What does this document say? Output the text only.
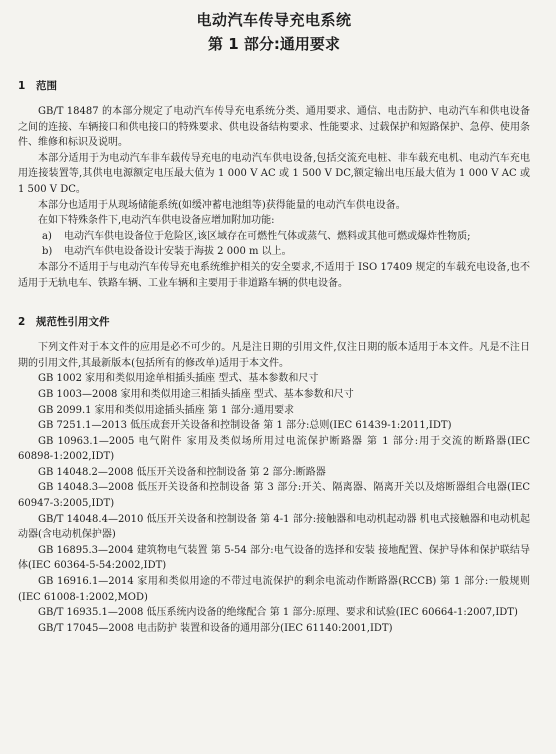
电动汽车传导充电系统
第 1 部分:通用要求
1 范围

GB/T 18487 的本部分规定了电动汽车传导充电系统分类、通用要求、通信、电击防护、电动汽车和供电设备之间的连接、车辆接口和供电接口的特殊要求、供电设备结构要求、性能要求、过载保护和短路保护、急停、使用条件、维修和标识及说明。

本部分适用于为电动汽车非车载传导充电的电动汽车供电设备,包括交流充电桩、非车载充电机、电动汽车充电用连接装置等,其供电电源额定电压最大值为 1 000 V AC 或 1 500 V DC,额定输出电压最大值为 1 000 V AC 或 1 500 V DC。

本部分也适用于从现场储能系统(如缓冲蓄电池组等)获得能量的电动汽车供电设备。

在如下特殊条件下,电动汽车供电设备应增加附加功能:

a) 电动汽车供电设备位于危险区,该区域存在可燃性气体或蒸气、燃料或其他可燃或爆炸性物质;

b) 电动汽车供电设备设计安装于海拔 2 000 m 以上。

本部分不适用于与电动汽车传导充电系统维护相关的安全要求,不适用于 ISO 17409 规定的车载充电设备,也不适用于无轨电车、铁路车辆、工业车辆和主要用于非道路车辆的供电设备。

2 规范性引用文件

下列文件对于本文件的应用是必不可少的。凡是注日期的引用文件,仅注日期的版本适用于本文件。凡是不注日期的引用文件,其最新版本(包括所有的修改单)适用于本文件。

GB 1002 家用和类似用途单相插头插座 型式、基本参数和尺寸

GB 1003—2008 家用和类似用途三相插头插座 型式、基本参数和尺寸

GB 2099.1 家用和类似用途插头插座 第 1 部分:通用要求

GB 7251.1—2013 低压成套开关设备和控制设备 第 1 部分:总则(IEC 61439-1:2011,IDT)

GB 10963.1—2005 电气附件 家用及类似场所用过电流保护断路器 第 1 部分:用于交流的断路器(IEC 60898-1:2002,IDT)

GB 14048.2—2008 低压开关设备和控制设备 第 2 部分:断路器

GB 14048.3—2008 低压开关设备和控制设备 第 3 部分:开关、隔离器、隔离开关以及熔断器组合电器(IEC 60947-3:2005,IDT)

GB/T 14048.4—2010 低压开关设备和控制设备 第 4-1 部分:接触器和电动机起动器 机电式接触器和电动机起动器(含电动机保护器)

GB 16895.3—2004 建筑物电气装置 第 5-54 部分:电气设备的选择和安装 接地配置、保护导体和保护联结导体(IEC 60364-5-54:2002,IDT)

GB 16916.1—2014 家用和类似用途的不带过电流保护的剩余电流动作断路器(RCCB) 第 1 部分:一般规则(IEC 61008-1:2002,MOD)

GB/T 16935.1—2008 低压系统内设备的绝缘配合 第 1 部分:原理、要求和试验(IEC 60664-1:2007,IDT)

GB/T 17045—2008 电击防护 装置和设备的通用部分(IEC 61140:2001,IDT)
